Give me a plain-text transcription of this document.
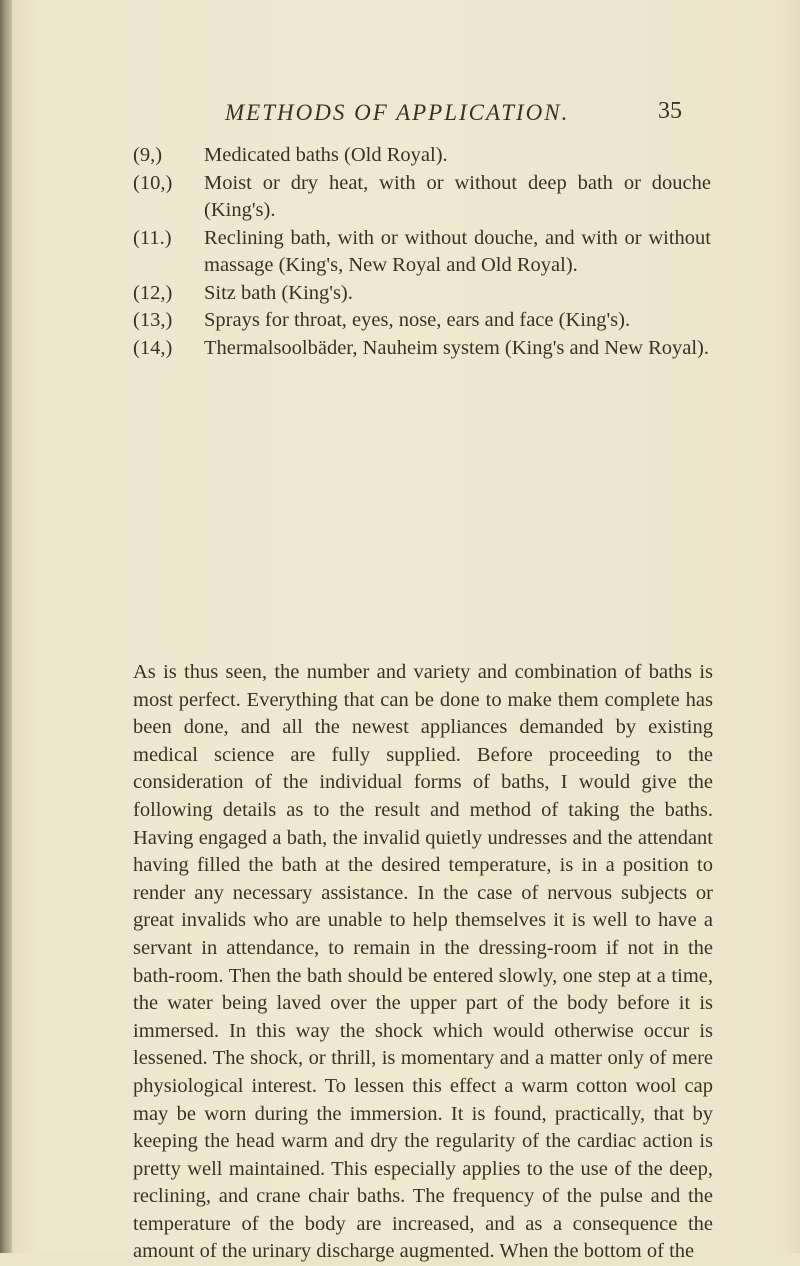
METHODS OF APPLICATION.	35
(9,)	Medicated baths (Old Royal).
(10,)	Moist or dry heat, with or without deep bath or douche (King's).
(11.)	Reclining bath, with or without douche, and with or without massage (King's, New Royal and Old Royal).
(12,)	Sitz bath (King's).
(13,)	Sprays for throat, eyes, nose, ears and face (King's).
(14,)	Thermalsoolbäder, Nauheim system (King's and New Royal).

As is thus seen, the number and variety and combination of baths is most perfect. Everything that can be done to make them complete has been done, and all the newest appliances demanded by existing medical science are fully supplied. Before proceeding to the consideration of the individual forms of baths, I would give the following details as to the result and method of taking the baths. Having engaged a bath, the invalid quietly undresses and the attendant having filled the bath at the desired temperature, is in a position to render any necessary assistance. In the case of nervous subjects or great invalids who are unable to help themselves it is well to have a servant in attendance, to remain in the dressing-room if not in the bath-room. Then the bath should be entered slowly, one step at a time, the water being laved over the upper part of the body before it is immersed. In this way the shock which would otherwise occur is lessened. The shock, or thrill, is momentary and a matter only of mere physiological interest. To lessen this effect a warm cotton wool cap may be worn during the immersion. It is found, practically, that by keeping the head warm and dry the regularity of the cardiac action is pretty well maintained. This especially applies to the use of the deep, reclining, and crane chair baths. The frequency of the pulse and the temperature of the body are increased, and as a consequence the amount of the urinary discharge augmented. When the bottom of the
